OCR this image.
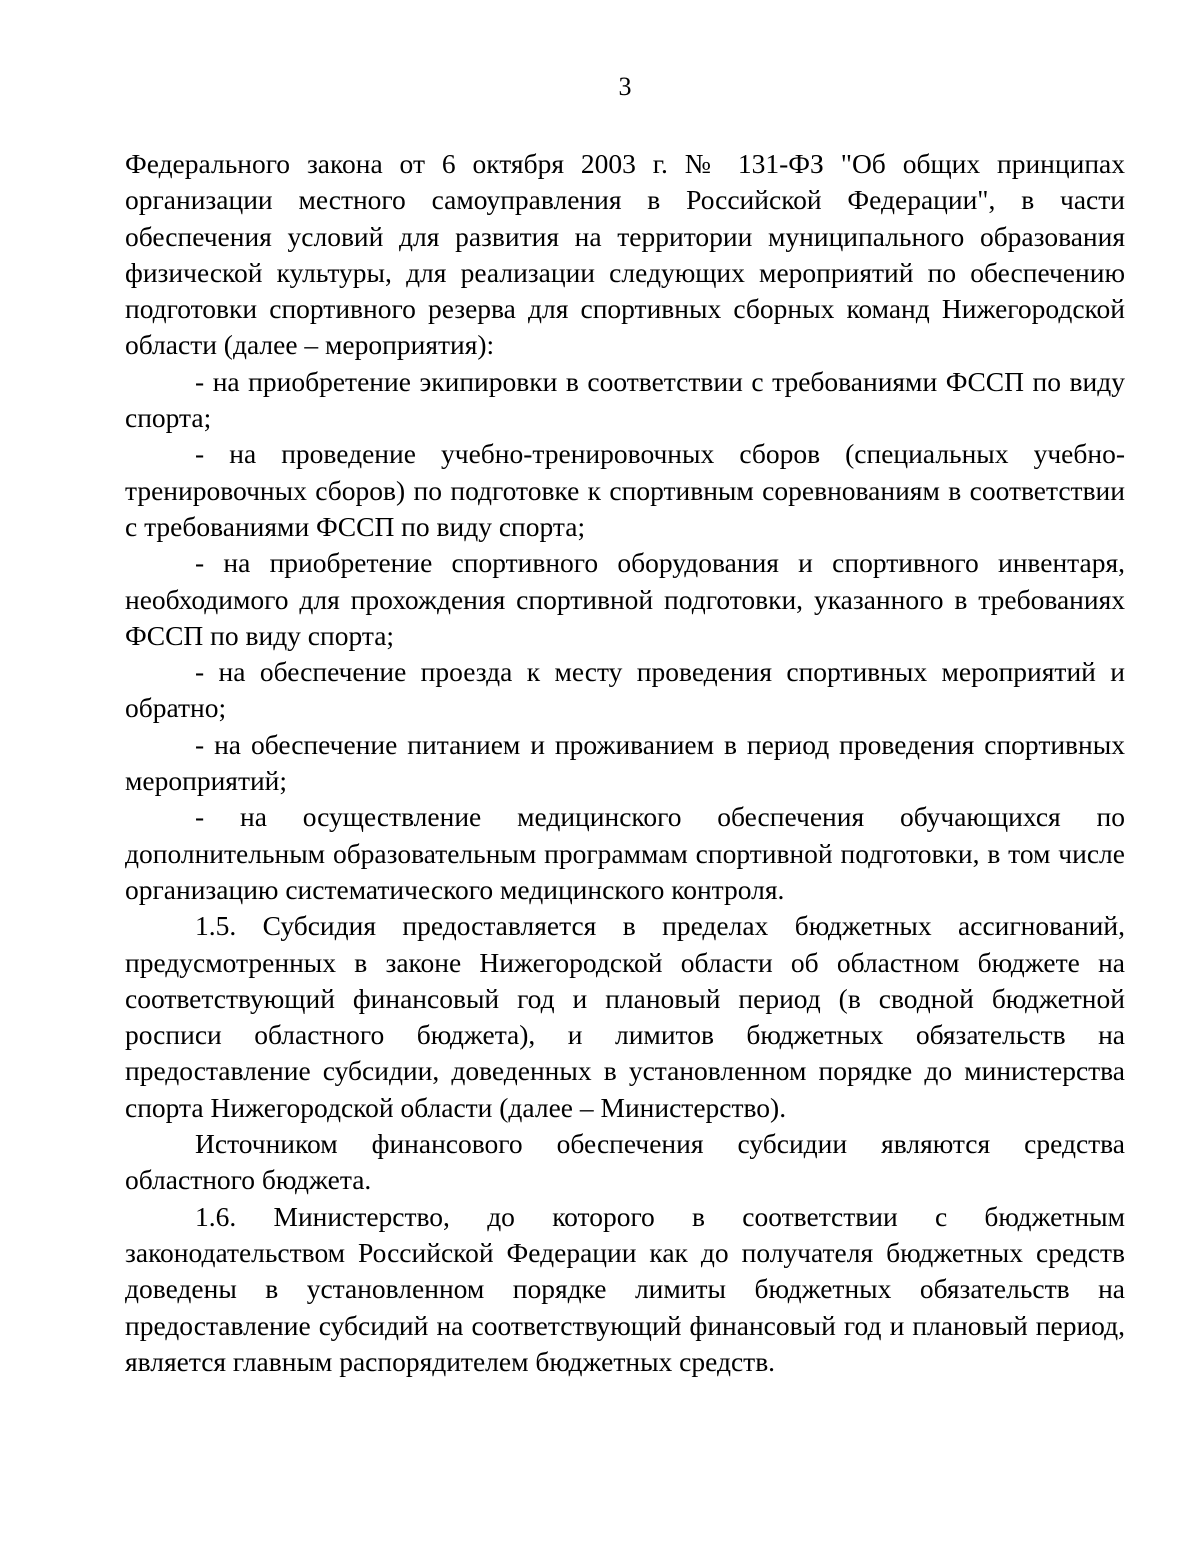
3

Федерального закона от 6 октября 2003 г. № 131-ФЗ "Об общих принципах организации местного самоуправления в Российской Федерации", в части обеспечения условий для развития на территории муниципального образования физической культуры, для реализации следующих мероприятий по обеспечению подготовки спортивного резерва для спортивных сборных команд Нижегородской области (далее – мероприятия):

- на приобретение экипировки в соответствии с требованиями ФССП по виду спорта;

- на проведение учебно-тренировочных сборов (специальных учебно-тренировочных сборов) по подготовке к спортивным соревнованиям в соответствии с требованиями ФССП по виду спорта;

- на приобретение спортивного оборудования и спортивного инвентаря, необходимого для прохождения спортивной подготовки, указанного в требованиях ФССП по виду спорта;

- на обеспечение проезда к месту проведения спортивных мероприятий и обратно;

- на обеспечение питанием и проживанием в период проведения спортивных мероприятий;

- на осуществление медицинского обеспечения обучающихся по дополнительным образовательным программам спортивной подготовки, в том числе организацию систематического медицинского контроля.

1.5. Субсидия предоставляется в пределах бюджетных ассигнований, предусмотренных в законе Нижегородской области об областном бюджете на соответствующий финансовый год и плановый период (в сводной бюджетной росписи областного бюджета), и лимитов бюджетных обязательств на предоставление субсидии, доведенных в установленном порядке до министерства спорта Нижегородской области (далее – Министерство).

Источником финансового обеспечения субсидии являются средства областного бюджета.

1.6. Министерство, до которого в соответствии с бюджетным законодательством Российской Федерации как до получателя бюджетных средств доведены в установленном порядке лимиты бюджетных обязательств на предоставление субсидий на соответствующий финансовый год и плановый период, является главным распорядителем бюджетных средств.
